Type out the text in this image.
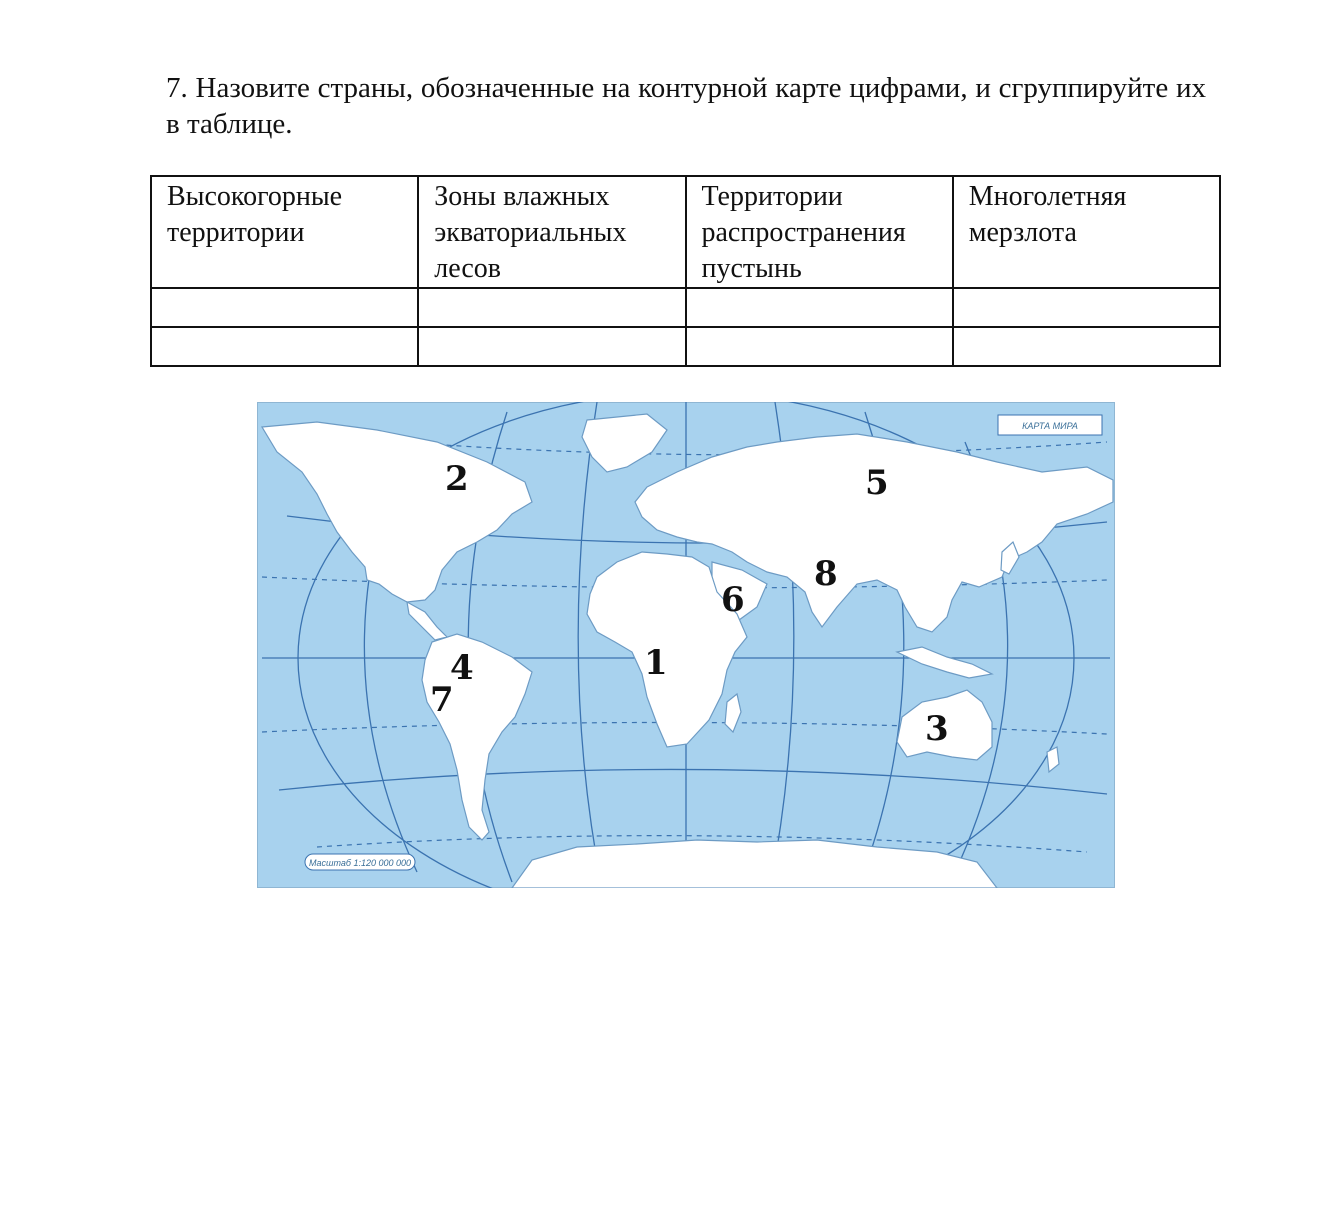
7. Назовите страны, обозначенные на контурной карте цифрами, и сгруппируйте их в таблице.
Высокогорные
территории	Зоны влажных
экваториальных
лесов	Территории
распространения
пустынь	Многолетняя
мерзлота

КАРТА МИРА
Масштаб 1:120 000 000
1
2
3
4
5
6
7
8
